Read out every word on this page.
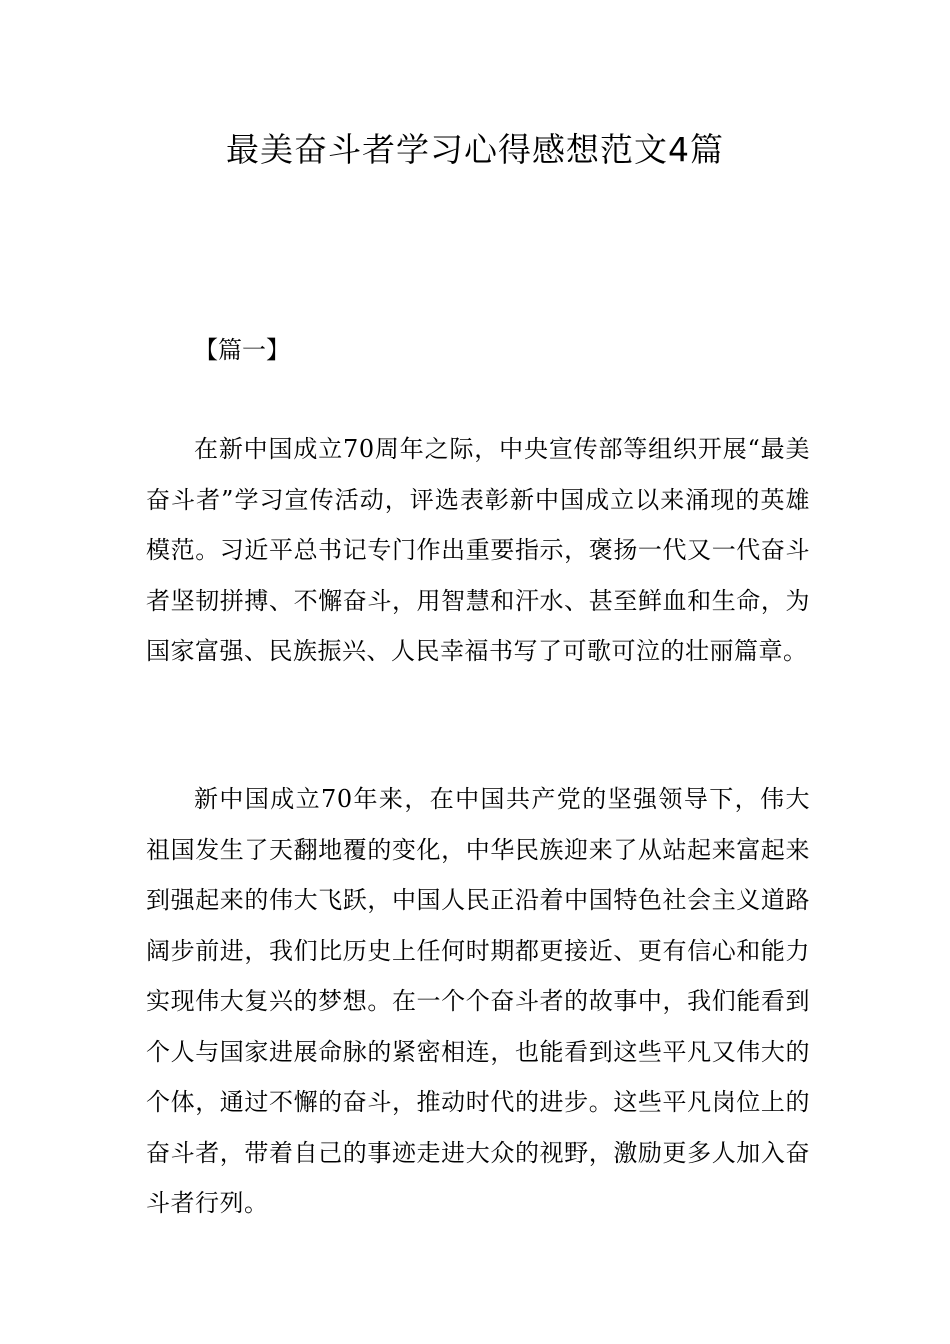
最美奋斗者学习心得感想范文4篇

【篇一】

在新中国成立70周年之际，中央宣传部等组织开展“最美奋斗者”学习宣传活动，评选表彰新中国成立以来涌现的英雄模范。习近平总书记专门作出重要指示，褒扬一代又一代奋斗者坚韧拼搏、不懈奋斗，用智慧和汗水、甚至鲜血和生命，为国家富强、民族振兴、人民幸福书写了可歌可泣的壮丽篇章。

新中国成立70年来，在中国共产党的坚强领导下，伟大祖国发生了天翻地覆的变化，中华民族迎来了从站起来富起来到强起来的伟大飞跃，中国人民正沿着中国特色社会主义道路阔步前进，我们比历史上任何时期都更接近、更有信心和能力实现伟大复兴的梦想。在一个个奋斗者的故事中，我们能看到个人与国家进展命脉的紧密相连，也能看到这些平凡又伟大的个体，通过不懈的奋斗，推动时代的进步。这些平凡岗位上的奋斗者，带着自己的事迹走进大众的视野，激励更多人加入奋斗者行列。
